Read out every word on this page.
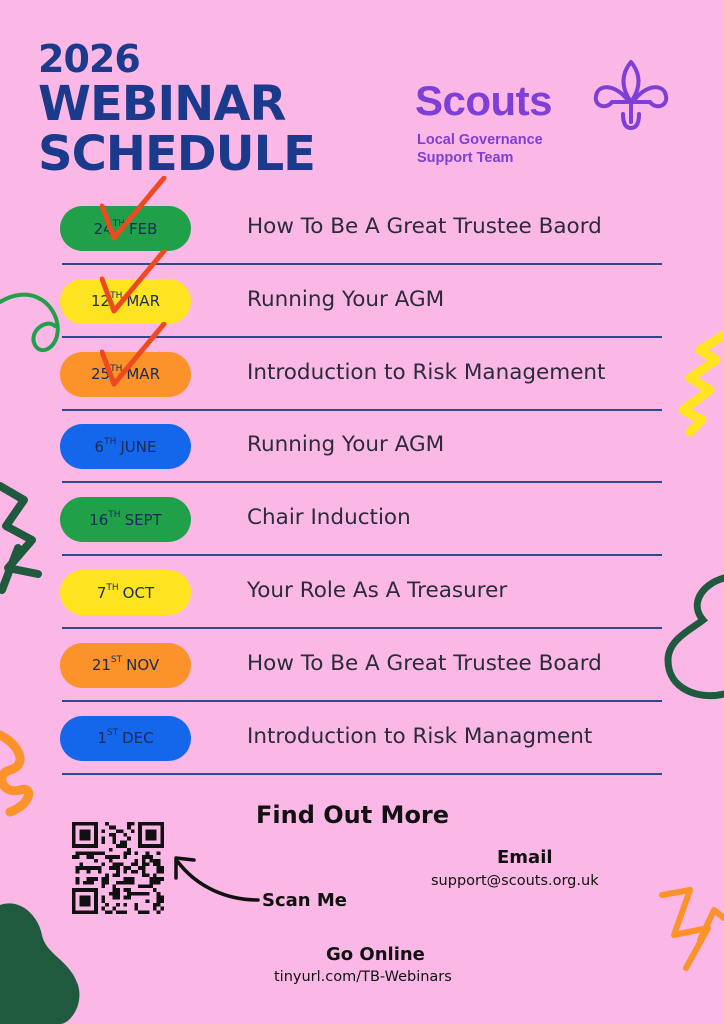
2026
WEBINAR
SCHEDULE
Scouts
Local Governance
Support Team
24TH FEB	How To Be A Great Trustee Baord
12TH MAR	Running Your AGM
25TH MAR	Introduction to Risk Management
6TH JUNE	Running Your AGM
16TH SEPT	Chair Induction
7TH OCT	Your Role As A Treasurer
21ST NOV	How To Be A Great Trustee Board
1ST DEC	Introduction to Risk Managment
Find Out More
Scan Me
Email
support@scouts.org.uk
Go Online
tinyurl.com/TB-Webinars
